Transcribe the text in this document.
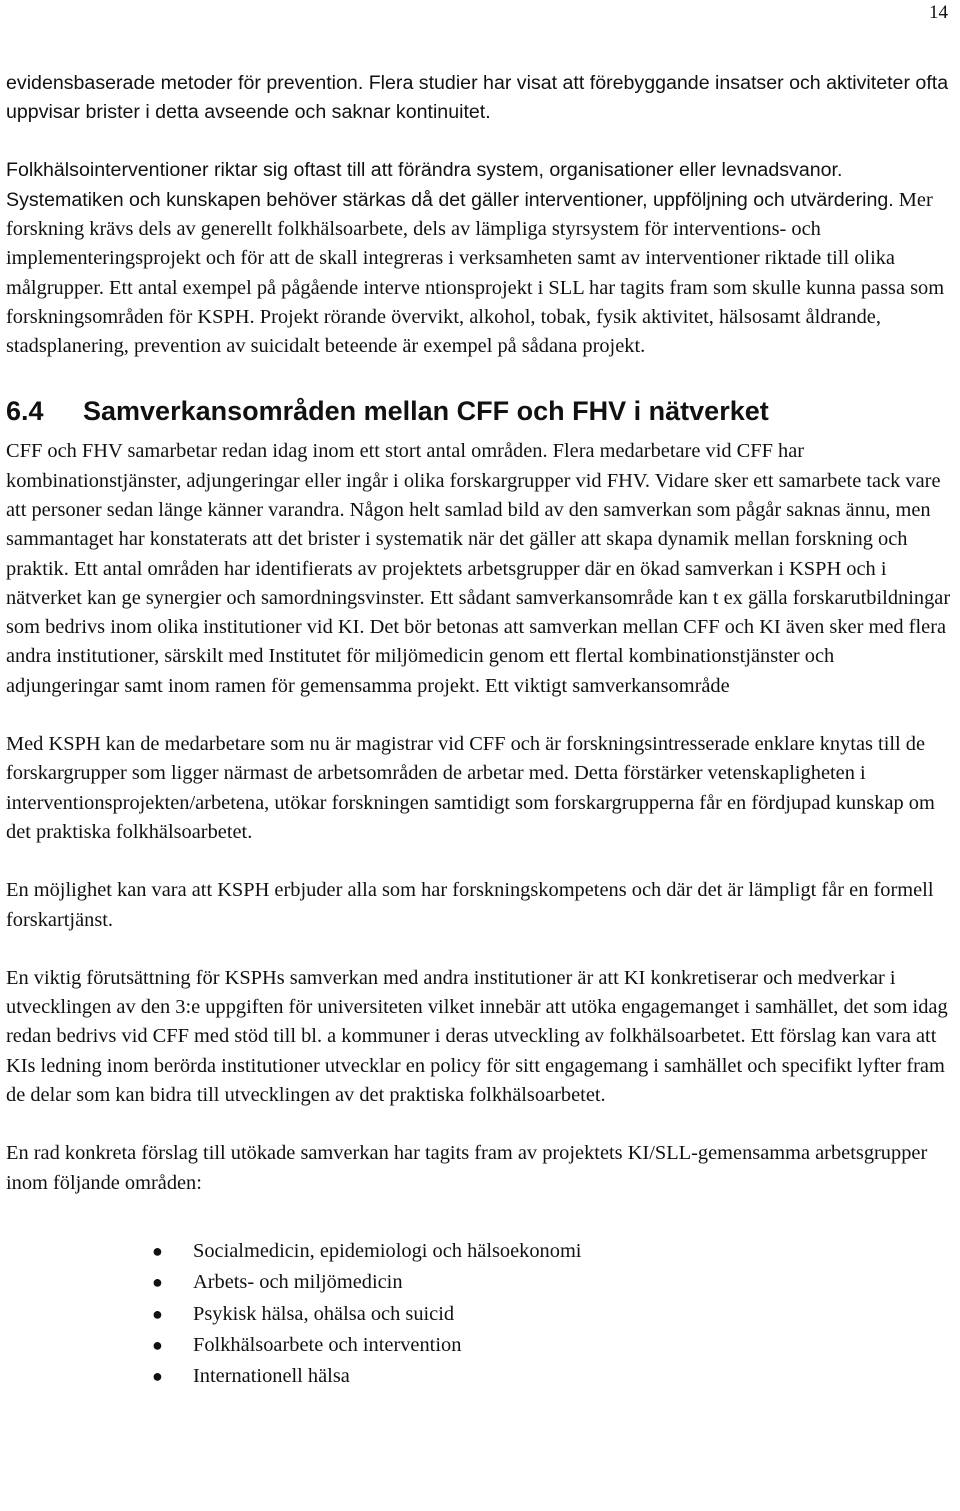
14

evidensbaserade metoder för prevention. Flera studier har visat att förebyggande insatser och aktiviteter ofta uppvisar brister i detta avseende och saknar kontinuitet.

Folkhälsointerventioner riktar sig oftast till att förändra system, organisationer eller levnadsvanor. Systematiken och kunskapen behöver stärkas då det gäller interventioner, uppföljning och utvärdering. Mer forskning krävs dels av generellt folkhälsoarbete, dels av lämpliga styrsystem för interventions- och implementeringsprojekt och för att de skall integreras i verksamheten samt av interventioner riktade till olika målgrupper. Ett antal exempel på pågående interve ntionsprojekt i SLL har tagits fram som skulle kunna passa som forskningsområden för KSPH. Projekt rörande övervikt, alkohol, tobak, fysik aktivitet, hälsosamt åldrande, stadsplanering, prevention av suicidalt beteende är exempel på sådana projekt.

6.4	Samverkansområden mellan CFF och FHV i nätverket

CFF och FHV samarbetar redan idag inom ett stort antal områden. Flera medarbetare vid CFF har kombinationstjänster, adjungeringar eller ingår i olika forskargrupper vid FHV. Vidare sker ett samarbete tack vare att personer sedan länge känner varandra. Någon helt samlad bild av den samverkan som pågår saknas ännu, men sammantaget har konstaterats att det brister i systematik när det gäller att skapa dynamik mellan forskning och praktik. Ett antal områden har identifierats av projektets arbetsgrupper där en ökad samverkan i KSPH och i nätverket kan ge synergier och samordningsvinster. Ett sådant samverkansområde kan t ex gälla forskarutbildningar som bedrivs inom olika institutioner vid KI. Det bör betonas att samverkan mellan CFF och KI även sker med flera andra institutioner, särskilt med Institutet för miljömedicin genom ett flertal kombinationstjänster och adjungeringar samt inom ramen för gemensamma projekt. Ett viktigt samverkansområde

Med KSPH kan de medarbetare som nu är magistrar vid CFF och är forskningsintresserade enklare knytas till de forskargrupper som ligger närmast de arbetsområden de arbetar med. Detta förstärker vetenskapligheten i interventionsprojekten/arbetena, utökar forskningen samtidigt som forskargrupperna får en fördjupad kunskap om det praktiska folkhälsoarbetet.

En möjlighet kan vara att KSPH erbjuder alla som har forskningskompetens och där det är lämpligt får en formell forskartjänst.

En viktig förutsättning för KSPHs samverkan med andra institutioner är att KI konkretiserar och medverkar i utvecklingen av den 3:e uppgiften för universiteten vilket innebär att utöka engagemanget i samhället, det som idag redan bedrivs vid CFF med stöd till bl. a kommuner i deras utveckling av folkhälsoarbetet. Ett förslag kan vara att KIs ledning inom berörda institutioner utvecklar en policy för sitt engagemang i samhället och specifikt lyfter fram de delar som kan bidra till utvecklingen av det praktiska folkhälsoarbetet.

En rad konkreta förslag till utökade samverkan har tagits fram av projektets KI/SLL-gemensamma arbetsgrupper inom följande områden:

●	Socialmedicin, epidemiologi och hälsoekonomi
●	Arbets- och miljömedicin
●	Psykisk hälsa, ohälsa och suicid
●	Folkhälsoarbete och intervention
●	Internationell hälsa
